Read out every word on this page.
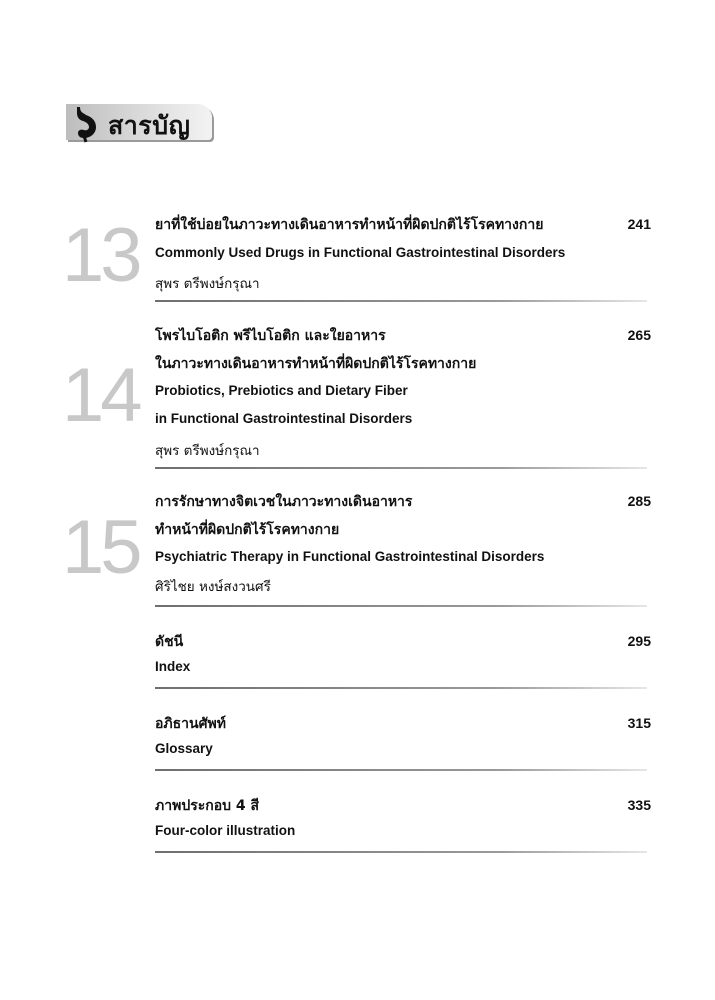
สารบัญ
13	ยาที่ใช้บ่อยในภาวะทางเดินอาหารทำหน้าที่ผิดปกติไร้โรคทางกาย
Commonly Used Drugs in Functional Gastrointestinal Disorders
สุพร ตรีพงษ์กรุณา
241
14
โพรไบโอติก พรีไบโอติก และใยอาหาร
ในภาวะทางเดินอาหารทำหน้าที่ผิดปกติไร้โรคทางกาย
Probiotics, Prebiotics and Dietary Fiber
in Functional Gastrointestinal Disorders
สุพร ตรีพงษ์กรุณา
265
15
การรักษาทางจิตเวชในภาวะทางเดินอาหาร
ทำหน้าที่ผิดปกติไร้โรคทางกาย
Psychiatric Therapy in Functional Gastrointestinal Disorders
ศิริไชย หงษ์สงวนศรี
285
ดัชนี
Index
295
อภิธานศัพท์
Glossary
315
ภาพประกอบ 4 สี
Four-color illustration
335
